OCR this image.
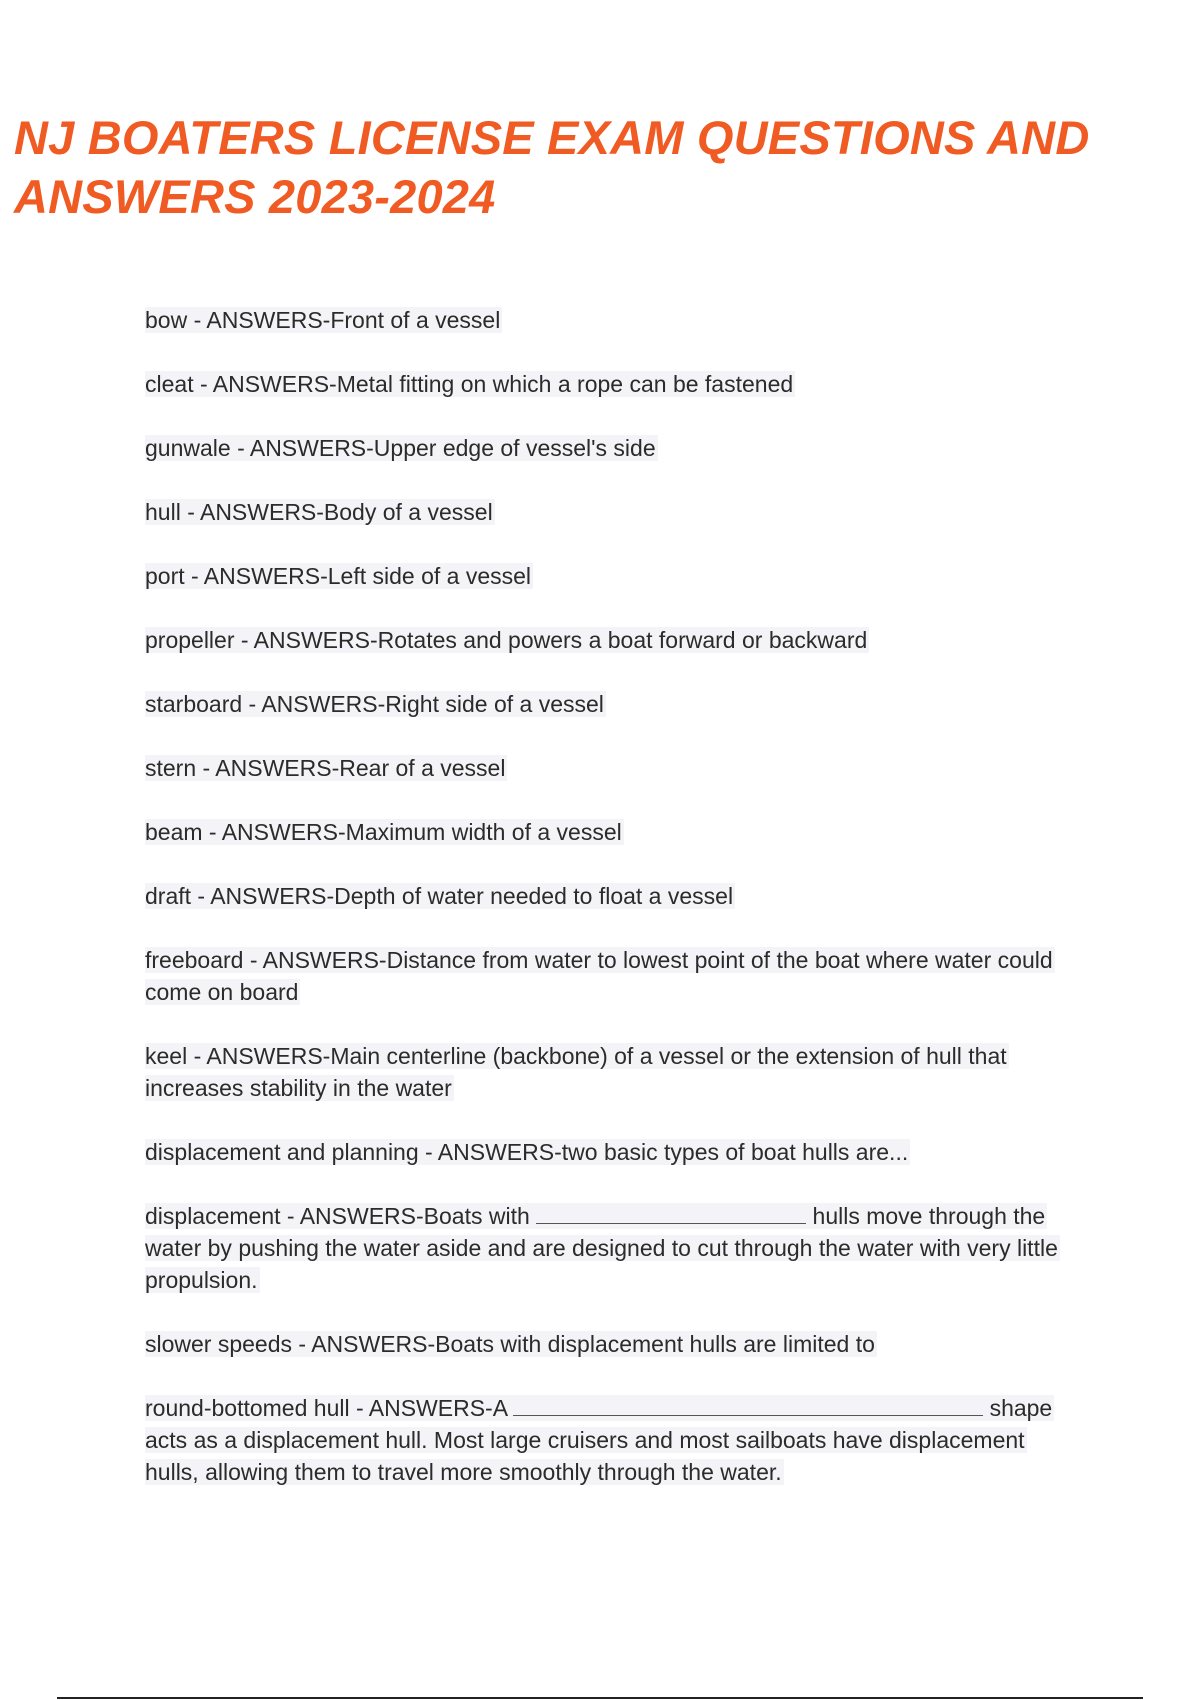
NJ BOATERS LICENSE EXAM QUESTIONS AND ANSWERS 2023-2024
bow - ANSWERS-Front of a vessel
cleat - ANSWERS-Metal fitting on which a rope can be fastened
gunwale - ANSWERS-Upper edge of vessel's side
hull - ANSWERS-Body of a vessel
port - ANSWERS-Left side of a vessel
propeller - ANSWERS-Rotates and powers a boat forward or backward
starboard - ANSWERS-Right side of a vessel
stern - ANSWERS-Rear of a vessel
beam - ANSWERS-Maximum width of a vessel
draft - ANSWERS-Depth of water needed to float a vessel
freeboard - ANSWERS-Distance from water to lowest point of the boat where water could come on board
keel - ANSWERS-Main centerline (backbone) of a vessel or the extension of hull that increases stability in the water
displacement and planning - ANSWERS-two basic types of boat hulls are...
displacement - ANSWERS-Boats with	hulls move through the water by pushing the water aside and are designed to cut through the water with very little propulsion.
slower speeds - ANSWERS-Boats with displacement hulls are limited to
round-bottomed hull - ANSWERS-A	shape acts as a displacement hull. Most large cruisers and most sailboats have displacement hulls, allowing them to travel more smoothly through the water.
